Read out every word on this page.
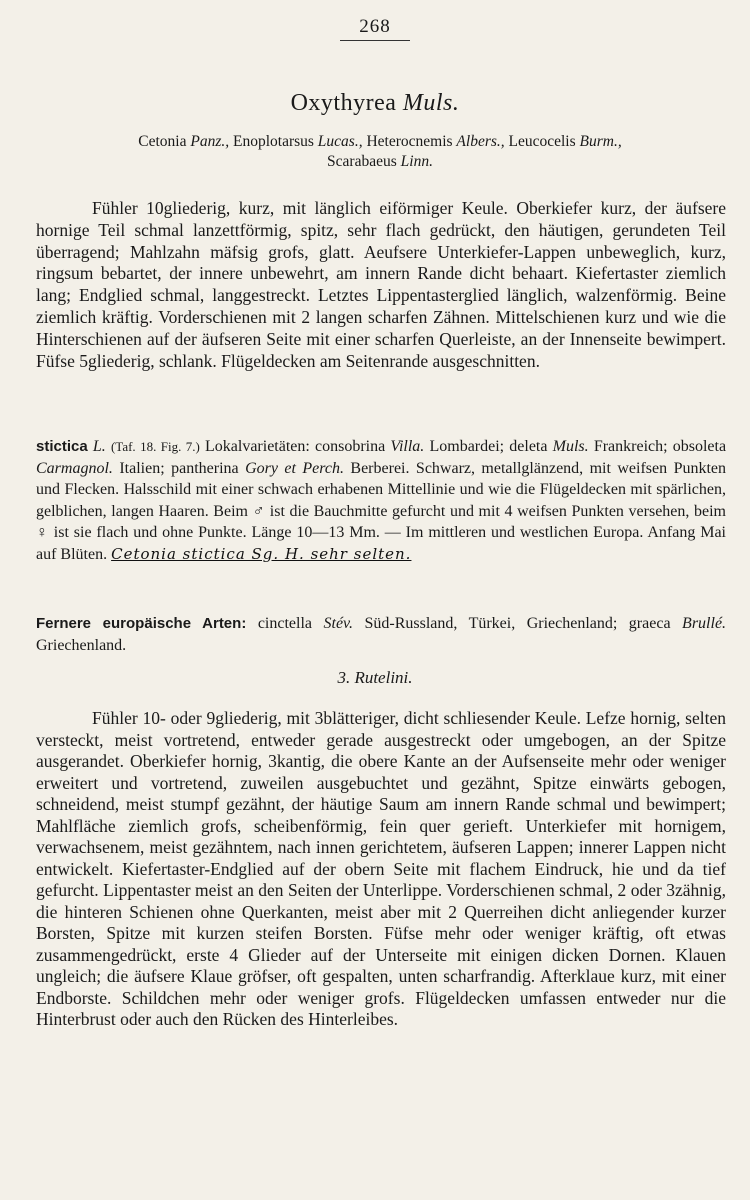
268
Oxythyrea Muls.
Cetonia Panz., Enoplotarsus Lucas., Heterocnemis Albers., Leucocelis Burm.,
Scarabaeus Linn.

Fühler 10gliederig, kurz, mit länglich eiförmiger Keule. Oberkiefer kurz, der äufsere hornige Teil schmal lanzettförmig, spitz, sehr flach gedrückt, den häutigen, gerundeten Teil überragend; Mahlzahn mäfsig grofs, glatt. Aeufsere Unterkiefer-Lappen unbeweglich, kurz, ringsum bebartet, der innere unbewehrt, am innern Rande dicht behaart. Kiefertaster ziemlich lang; Endglied schmal, langgestreckt. Letztes Lippentasterglied länglich, walzenförmig. Beine ziemlich kräftig. Vorderschienen mit 2 langen scharfen Zähnen. Mittelschienen kurz und wie die Hinterschienen auf der äufseren Seite mit einer scharfen Querleiste, an der Innenseite bewimpert. Füfse 5gliederig, schlank. Flügeldecken am Seitenrande ausgeschnitten.

stictica L. (Taf. 18. Fig. 7.) Lokalvarietäten: consobrina Villa. Lombardei; deleta Muls. Frankreich; obsoleta Carmagnol. Italien; pantherina Gory et Perch. Berberei. Schwarz, metallglänzend, mit weifsen Punkten und Flecken. Halsschild mit einer schwach erhabenen Mittellinie und wie die Flügeldecken mit spärlichen, gelblichen, langen Haaren. Beim ♂ ist die Bauchmitte gefurcht und mit 4 weifsen Punkten versehen, beim ♀ ist sie flach und ohne Punkte. Länge 10—13 Mm. — Im mittleren und westlichen Europa. Anfang Mai auf Blüten. Cetonia stictica Sg. H. sehr selten.
Fernere europäische Arten: cinctella Stév. Süd-Russland, Türkei, Griechenland; graeca Brullé. Griechenland.
3. Rutelini.

Fühler 10- oder 9gliederig, mit 3blätteriger, dicht schliesender Keule. Lefze hornig, selten versteckt, meist vortretend, entweder gerade ausgestreckt oder umgebogen, an der Spitze ausgerandet. Oberkiefer hornig, 3kantig, die obere Kante an der Aufsenseite mehr oder weniger erweitert und vortretend, zuweilen ausgebuchtet und gezähnt, Spitze einwärts gebogen, schneidend, meist stumpf gezähnt, der häutige Saum am innern Rande schmal und bewimpert; Mahlfläche ziemlich grofs, scheibenförmig, fein quer gerieft. Unterkiefer mit hornigem, verwachsenem, meist gezähntem, nach innen gerichtetem, äufseren Lappen; innerer Lappen nicht entwickelt. Kiefertaster-Endglied auf der obern Seite mit flachem Eindruck, hie und da tief gefurcht. Lippentaster meist an den Seiten der Unterlippe. Vorderschienen schmal, 2 oder 3zähnig, die hinteren Schienen ohne Querkanten, meist aber mit 2 Querreihen dicht anliegender kurzer Borsten, Spitze mit kurzen steifen Borsten. Füfse mehr oder weniger kräftig, oft etwas zusammengedrückt, erste 4 Glieder auf der Unterseite mit einigen dicken Dornen. Klauen ungleich; die äufsere Klaue gröfser, oft gespalten, unten scharfrandig. Afterklaue kurz, mit einer Endborste. Schildchen mehr oder weniger grofs. Flügeldecken umfassen entweder nur die Hinterbrust oder auch den Rücken des Hinterleibes.
